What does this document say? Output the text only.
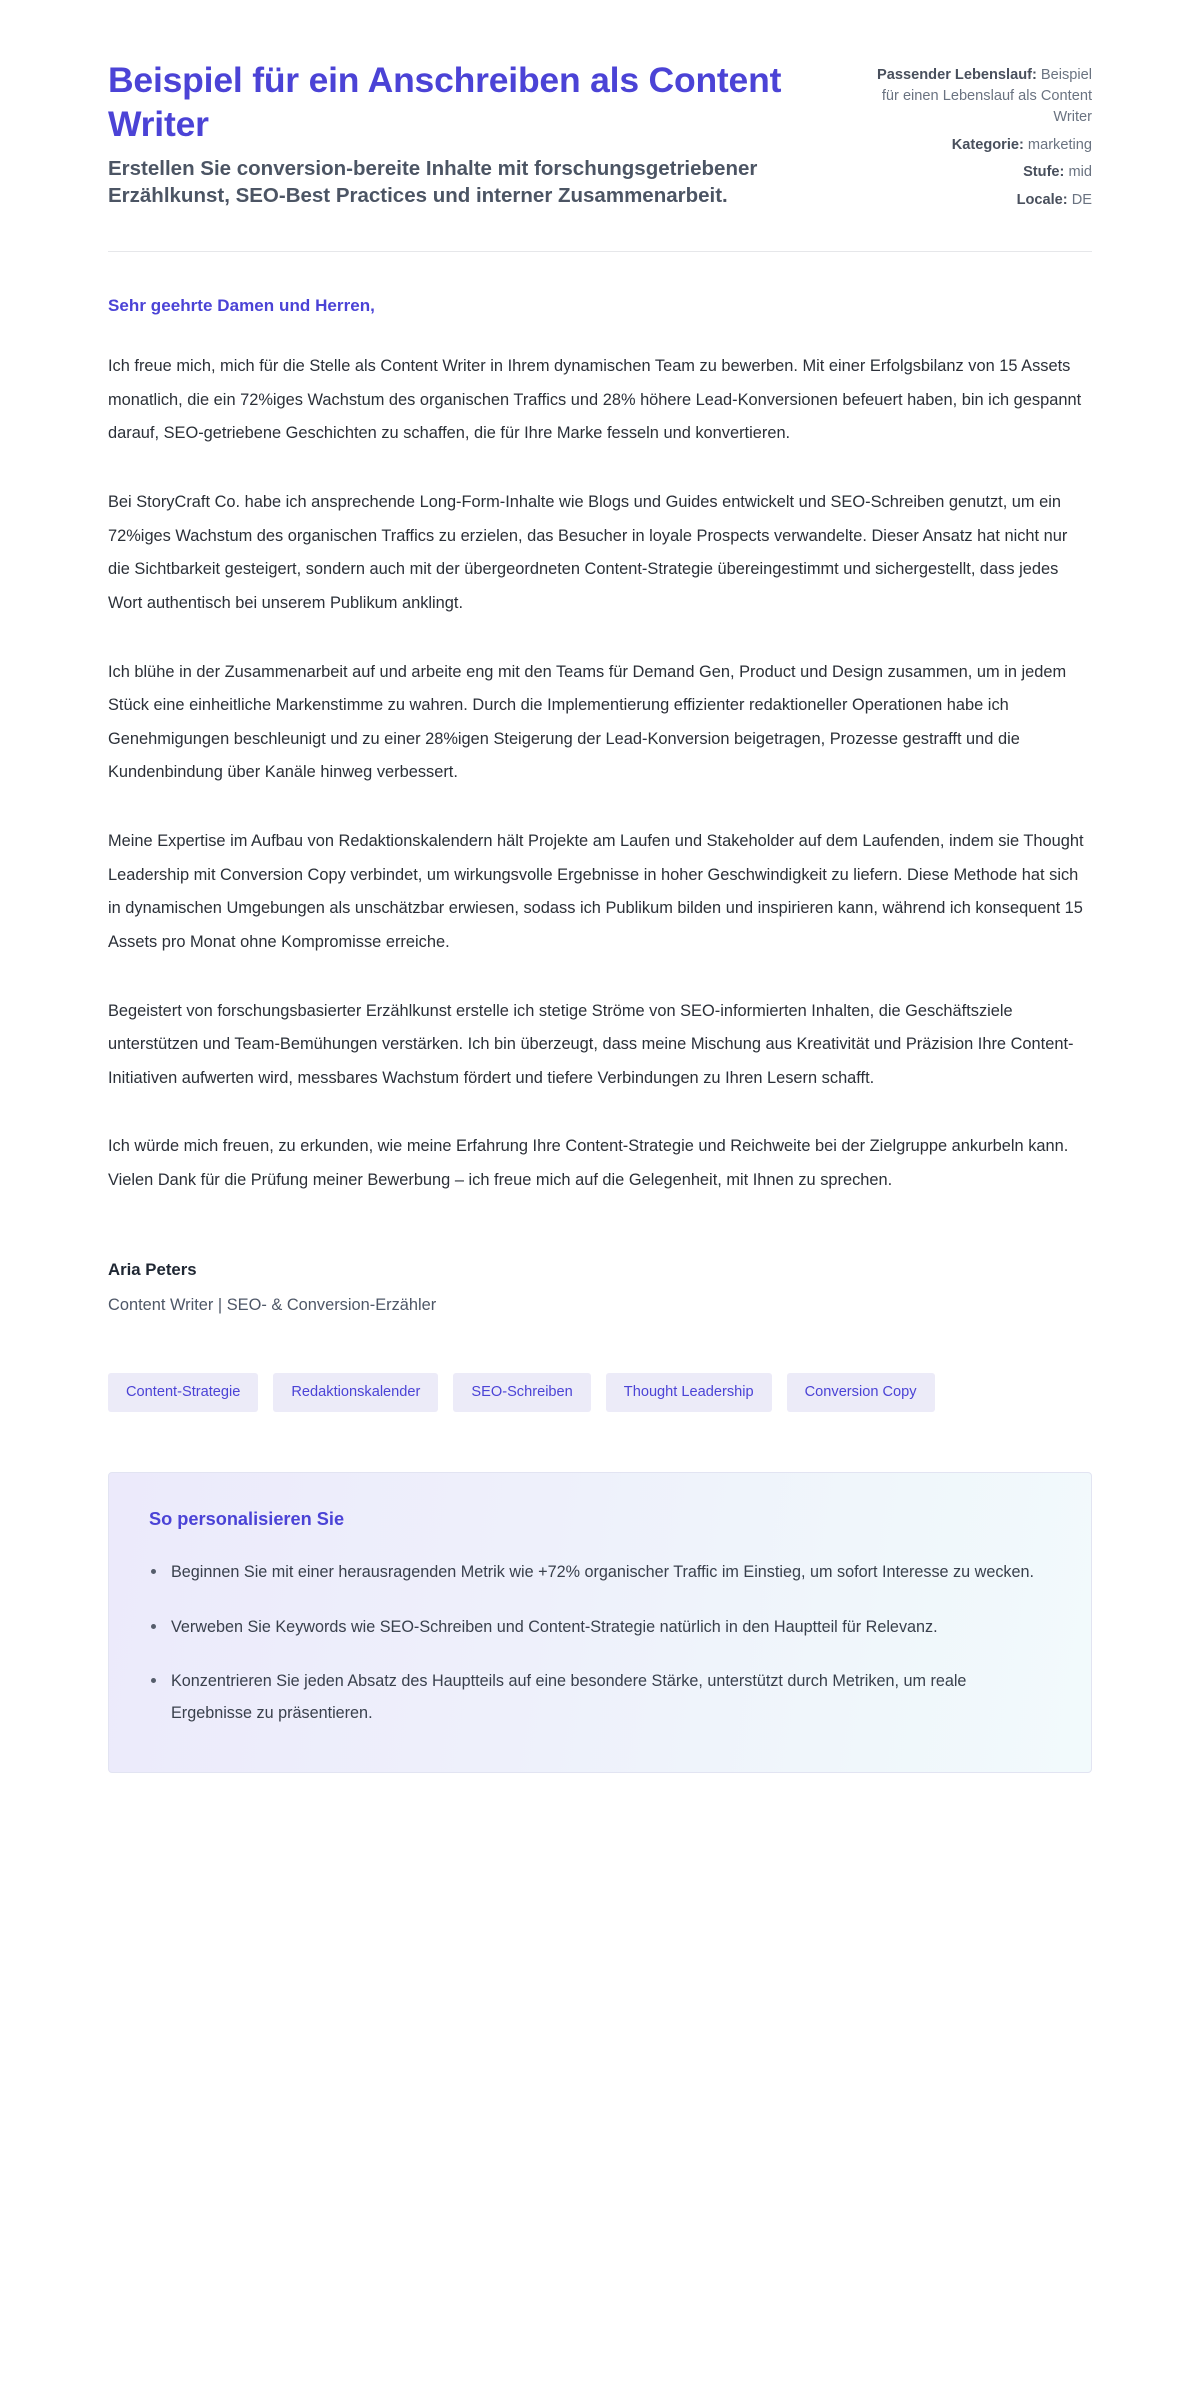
Beispiel für ein Anschreiben als Content Writer

Erstellen Sie conversion-bereite Inhalte mit forschungsgetriebener Erzählkunst, SEO-Best Practices und interner Zusammenarbeit.

Passender Lebenslauf: Beispiel für einen Lebenslauf als Content Writer
Kategorie: marketing
Stufe: mid
Locale: DE

Sehr geehrte Damen und Herren,

Ich freue mich, mich für die Stelle als Content Writer in Ihrem dynamischen Team zu bewerben. Mit einer Erfolgsbilanz von 15 Assets monatlich, die ein 72%iges Wachstum des organischen Traffics und 28% höhere Lead-Konversionen befeuert haben, bin ich gespannt darauf, SEO-getriebene Geschichten zu schaffen, die für Ihre Marke fesseln und konvertieren.

Bei StoryCraft Co. habe ich ansprechende Long-Form-Inhalte wie Blogs und Guides entwickelt und SEO-Schreiben genutzt, um ein 72%iges Wachstum des organischen Traffics zu erzielen, das Besucher in loyale Prospects verwandelte. Dieser Ansatz hat nicht nur die Sichtbarkeit gesteigert, sondern auch mit der übergeordneten Content-Strategie übereingestimmt und sichergestellt, dass jedes Wort authentisch bei unserem Publikum anklingt.

Ich blühe in der Zusammenarbeit auf und arbeite eng mit den Teams für Demand Gen, Product und Design zusammen, um in jedem Stück eine einheitliche Markenstimme zu wahren. Durch die Implementierung effizienter redaktioneller Operationen habe ich Genehmigungen beschleunigt und zu einer 28%igen Steigerung der Lead-Konversion beigetragen, Prozesse gestrafft und die Kundenbindung über Kanäle hinweg verbessert.

Meine Expertise im Aufbau von Redaktionskalendern hält Projekte am Laufen und Stakeholder auf dem Laufenden, indem sie Thought Leadership mit Conversion Copy verbindet, um wirkungsvolle Ergebnisse in hoher Geschwindigkeit zu liefern. Diese Methode hat sich in dynamischen Umgebungen als unschätzbar erwiesen, sodass ich Publikum bilden und inspirieren kann, während ich konsequent 15 Assets pro Monat ohne Kompromisse erreiche.

Begeistert von forschungsbasierter Erzählkunst erstelle ich stetige Ströme von SEO-informierten Inhalten, die Geschäftsziele unterstützen und Team-Bemühungen verstärken. Ich bin überzeugt, dass meine Mischung aus Kreativität und Präzision Ihre Content-Initiativen aufwerten wird, messbares Wachstum fördert und tiefere Verbindungen zu Ihren Lesern schafft.

Ich würde mich freuen, zu erkunden, wie meine Erfahrung Ihre Content-Strategie und Reichweite bei der Zielgruppe ankurbeln kann. Vielen Dank für die Prüfung meiner Bewerbung – ich freue mich auf die Gelegenheit, mit Ihnen zu sprechen.

Aria Peters

Content Writer | SEO- & Conversion-Erzähler

Content-Strategie	Redaktionskalender	SEO-Schreiben	Thought Leadership	Conversion Copy
So personalisieren Sie
Beginnen Sie mit einer herausragenden Metrik wie +72% organischer Traffic im Einstieg, um sofort Interesse zu wecken.
Verweben Sie Keywords wie SEO-Schreiben und Content-Strategie natürlich in den Hauptteil für Relevanz.
Konzentrieren Sie jeden Absatz des Hauptteils auf eine besondere Stärke, unterstützt durch Metriken, um reale Ergebnisse zu präsentieren.
